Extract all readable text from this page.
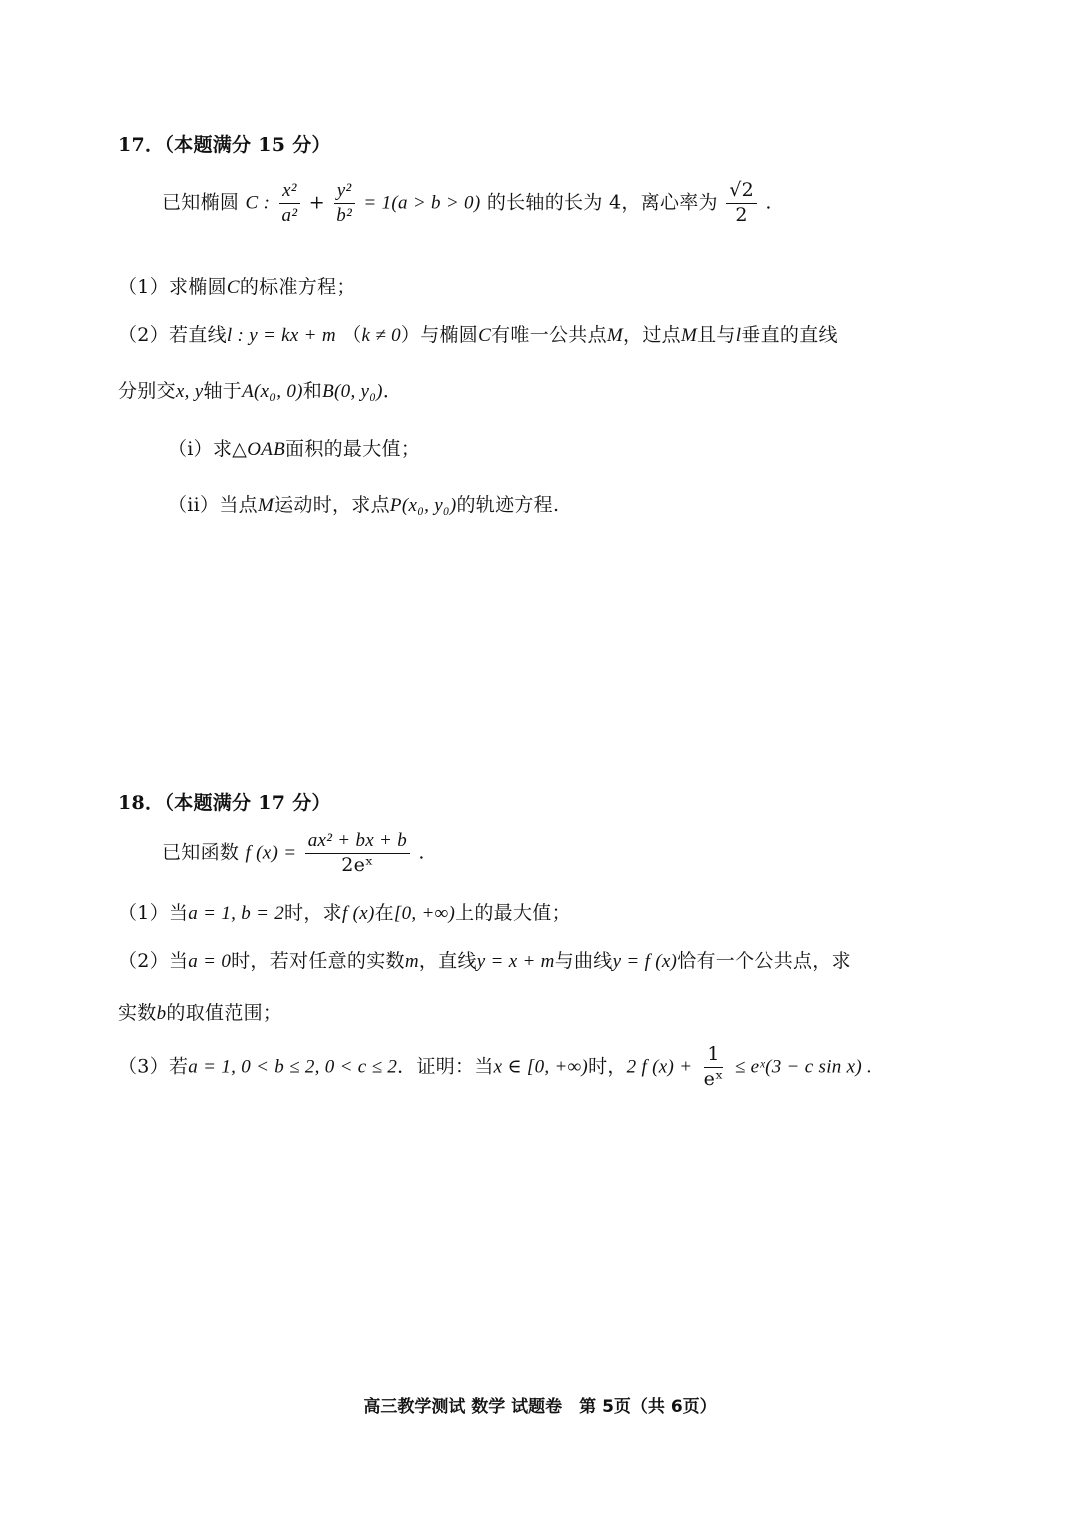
17．（本题满分 15 分）
已知椭圆 C : $\frac{\text{x²}}{\text{a²}} + \frac{\text{y²}}{\text{b²}} = 1(a > b > 0)$ 的长轴的长为 4，离心率为 $\frac{√2}{2}$ .
（1）求椭圆C的标准方程；
（2）若直线l : y = kx + m （k ≠ 0）与椭圆C有唯一公共点M，过点M且与l垂直的直线
分别交x, y轴于A(x₀, 0)和B(0, y₀)．
（i）求△OAB面积的最大值；
（ii）当点M运动时，求点P(x₀, y₀)的轨迹方程.
18．（本题满分 17 分）
已知函数 f $(x) = \frac{\text{ax² + bx + b}}{\text{2eˣ}}$ .
（1）当a = 1, b = 2时，求f (x)在[0, +∞)上的最大值；
（2）当a = 0时，若对任意的实数m，直线y = x + m与曲线y = f (x)恰有一个公共点，求
实数b的取值范围；
（3）若a = 1, 0 < b ≤ 2, 0 < c ≤ 2．证明：当x ∈ [0, +∞)时，2 f $(x) + \frac{1}{\text{eˣ}}$ ≤ eˣ(3 − c sin x) .
高三教学测试 数学 试题卷　第 5页（共 6页）
